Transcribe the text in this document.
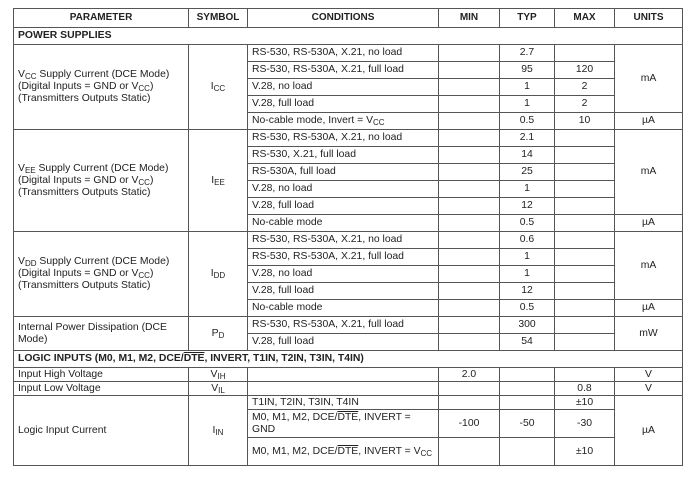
PARAMETER	SYMBOL	CONDITIONS	MIN	TYP	MAX	UNITS
POWER SUPPLIES						
$V_{CC}$ Supply Current (DCE Mode) (Digital Inputs = GND or $V_{CC}$) (Transmitters Outputs Static)	$I_{CC}$	RS-530, RS-530A, X.21, no load		2.7		mA
		RS-530, RS-530A, X.21, full load		95	120	
		V.28, no load		1	2	
		V.28, full load		1	2	
		No-cable mode, Invert = $V_{CC}$		0.5	10	µA
$V_{EE}$ Supply Current (DCE Mode) (Digital Inputs = GND or $V_{CC}$) (Transmitters Outputs Static)	$I_{EE}$	RS-530, RS-530A, X.21, no load		2.1		mA
		RS-530, X.21, full load		14		
		RS-530A, full load		25		
		V.28, no load		1		
		V.28, full load		12		
		No-cable mode		0.5		µA
$V_{DD}$ Supply Current (DCE Mode) (Digital Inputs = GND or $V_{CC}$) (Transmitters Outputs Static)	$I_{DD}$	RS-530, RS-530A, X.21, no load		0.6		mA
		RS-530, RS-530A, X.21, full load		1		
		V.28, no load		1		
		V.28, full load		12		
		No-cable mode		0.5		µA
Internal Power Dissipation (DCE Mode)	$P_D$	RS-530, RS-530A, X.21, full load		300		mW
		V.28, full load		54		
LOGIC INPUTS (M0, M1, M2, DCE/$\overline{DTE}$, INVERT, T1IN, T2IN, T3IN, T4IN)						
Input High Voltage	$V_{IH}$		2.0			V
Input Low Voltage	$V_{IL}$				0.8	V
Logic Input Current	$I_{IN}$	T1IN, T2IN, T3IN, T4IN			±10	µA
		M0, M1, M2, DCE/$\overline{DTE}$, INVERT = GND	-100	-50	-30	
		M0, M1, M2, DCE/$\overline{DTE}$, INVERT = $V_{CC}$			±10	
